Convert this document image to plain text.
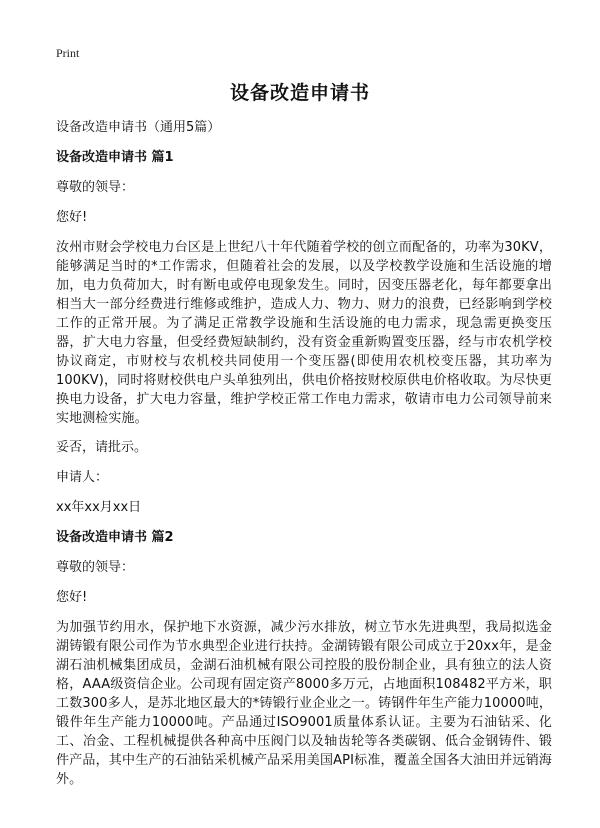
Print
设备改造申请书
设备改造申请书（通用5篇）
设备改造申请书 篇1
尊敬的领导：
您好!
汝州市财会学校电力台区是上世纪八十年代随着学校的创立而配备的，功率为30KV，能够满足当时的*工作需求，但随着社会的发展，以及学校教学设施和生活设施的增加，电力负荷加大，时有断电或停电现象发生。同时，因变压器老化，每年都要拿出相当大一部分经费进行维修或维护，造成人力、物力、财力的浪费，已经影响到学校工作的正常开展。为了满足正常教学设施和生活设施的电力需求，现急需更换变压器，扩大电力容量，但受经费短缺制约，没有资金重新购置变压器，经与市农机学校协议商定，市财校与农机校共同使用一个变压器(即使用农机校变压器，其功率为100KV)，同时将财校供电户头单独列出，供电价格按财校原供电价格收取。为尽快更换电力设备，扩大电力容量，维护学校正常工作电力需求，敬请市电力公司领导前来实地测检实施。
妥否，请批示。
申请人：
xx年xx月xx日
设备改造申请书 篇2
尊敬的领导：
您好!
为加强节约用水，保护地下水资源，减少污水排放，树立节水先进典型，我局拟选金湖铸锻有限公司作为节水典型企业进行扶持。金湖铸锻有限公司成立于20xx年，是金湖石油机械集团成员，金湖石油机械有限公司控股的股份制企业，具有独立的法人资格，AAA级资信企业。公司现有固定资产8000多万元，占地面积108482平方米，职工数300多人，是苏北地区最大的*铸锻行业企业之一。铸钢件年生产能力10000吨，锻件年生产能力10000吨。产品通过ISO9001质量体系认证。主要为石油钻采、化工、冶金、工程机械提供各种高中压阀门以及轴齿轮等各类碳钢、低合金钢铸件、锻件产品，其中生产的石油钻采机械产品采用美国API标准，覆盖全国各大油田并远销海外。
